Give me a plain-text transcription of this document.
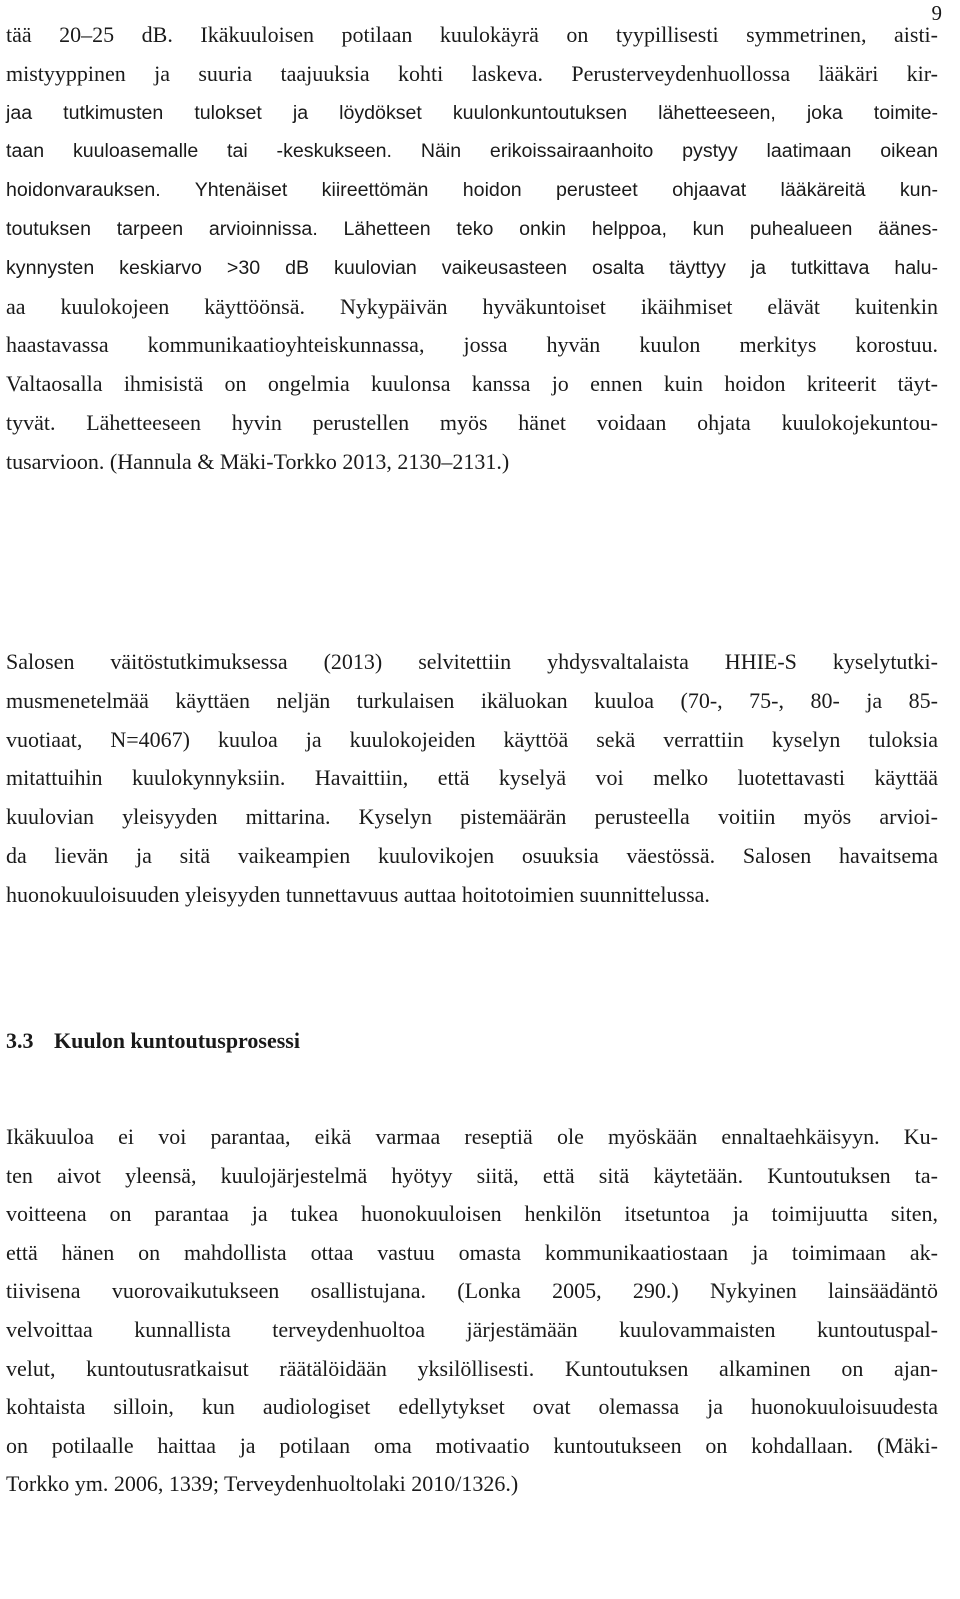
9
tää 20–25 dB. Ikäkuuloisen potilaan kuulokäyrä on tyypillisesti symmetrinen, aisti-
mistyyppinen ja suuria taajuuksia kohti laskeva. Perusterveydenhuollossa lääkäri kir-
jaa tutkimusten tulokset ja löydökset kuulonkuntoutuksen lähetteeseen, joka toimite-
taan kuuloasemalle tai -keskukseen. Näin erikoissairaanhoito pystyy laatimaan oikean
hoidonvarauksen. Yhtenäiset kiireettömän hoidon perusteet ohjaavat lääkäreitä kun-
toutuksen tarpeen arvioinnissa. Lähetteen teko onkin helppoa, kun puhealueen äänes-
kynnysten keskiarvo >30 dB kuulovian vaikeusasteen osalta täyttyy ja tutkittava halu-
aa kuulokojeen käyttöönsä. Nykypäivän hyväkuntoiset ikäihmiset elävät kuitenkin
haastavassa kommunikaatioyhteiskunnassa, jossa hyvän kuulon merkitys korostuu.
Valtaosalla ihmisistä on ongelmia kuulonsa kanssa jo ennen kuin hoidon kriteerit täyt-
tyvät. Lähetteeseen hyvin perustellen myös hänet voidaan ohjata kuulokojekuntou-
tusarvioon. (Hannula & Mäki-Torkko 2013, 2130–2131.)
Salosen väitöstutkimuksessa (2013) selvitettiin yhdysvaltalaista HHIE-S kyselytutki-
musmenetelmää käyttäen neljän turkulaisen ikäluokan kuuloa (70-, 75-, 80- ja 85-
vuotiaat, N=4067) kuuloa ja kuulokojeiden käyttöä sekä verrattiin kyselyn tuloksia
mitattuihin kuulokynnyksiin. Havaittiin, että kyselyä voi melko luotettavasti käyttää
kuulovian yleisyyden mittarina. Kyselyn pistemäärän perusteella voitiin myös arvioi-
da lievän ja sitä vaikeampien kuulovikojen osuuksia väestössä. Salosen havaitsema
huonokuuloisuuden yleisyyden tunnettavuus auttaa hoitotoimien suunnittelussa.
3.3 Kuulon kuntoutusprosessi
Ikäkuuloa ei voi parantaa, eikä varmaa reseptiä ole myöskään ennaltaehkäisyyn. Ku-
ten aivot yleensä, kuulojärjestelmä hyötyy siitä, että sitä käytetään. Kuntoutuksen ta-
voitteena on parantaa ja tukea huonokuuloisen henkilön itsetuntoa ja toimijuutta siten,
että hänen on mahdollista ottaa vastuu omasta kommunikaatiostaan ja toimimaan ak-
tiivisena vuorovaikutukseen osallistujana. (Lonka 2005, 290.) Nykyinen lainsäädäntö
velvoittaa kunnallista terveydenhuoltoa järjestämään kuulovammaisten kuntoutuspal-
velut, kuntoutusratkaisut räätälöidään yksilöllisesti. Kuntoutuksen alkaminen on ajan-
kohtaista silloin, kun audiologiset edellytykset ovat olemassa ja huonokuuloisuudesta
on potilaalle haittaa ja potilaan oma motivaatio kuntoutukseen on kohdallaan. (Mäki-
Torkko ym. 2006, 1339; Terveydenhuoltolaki 2010/1326.)
